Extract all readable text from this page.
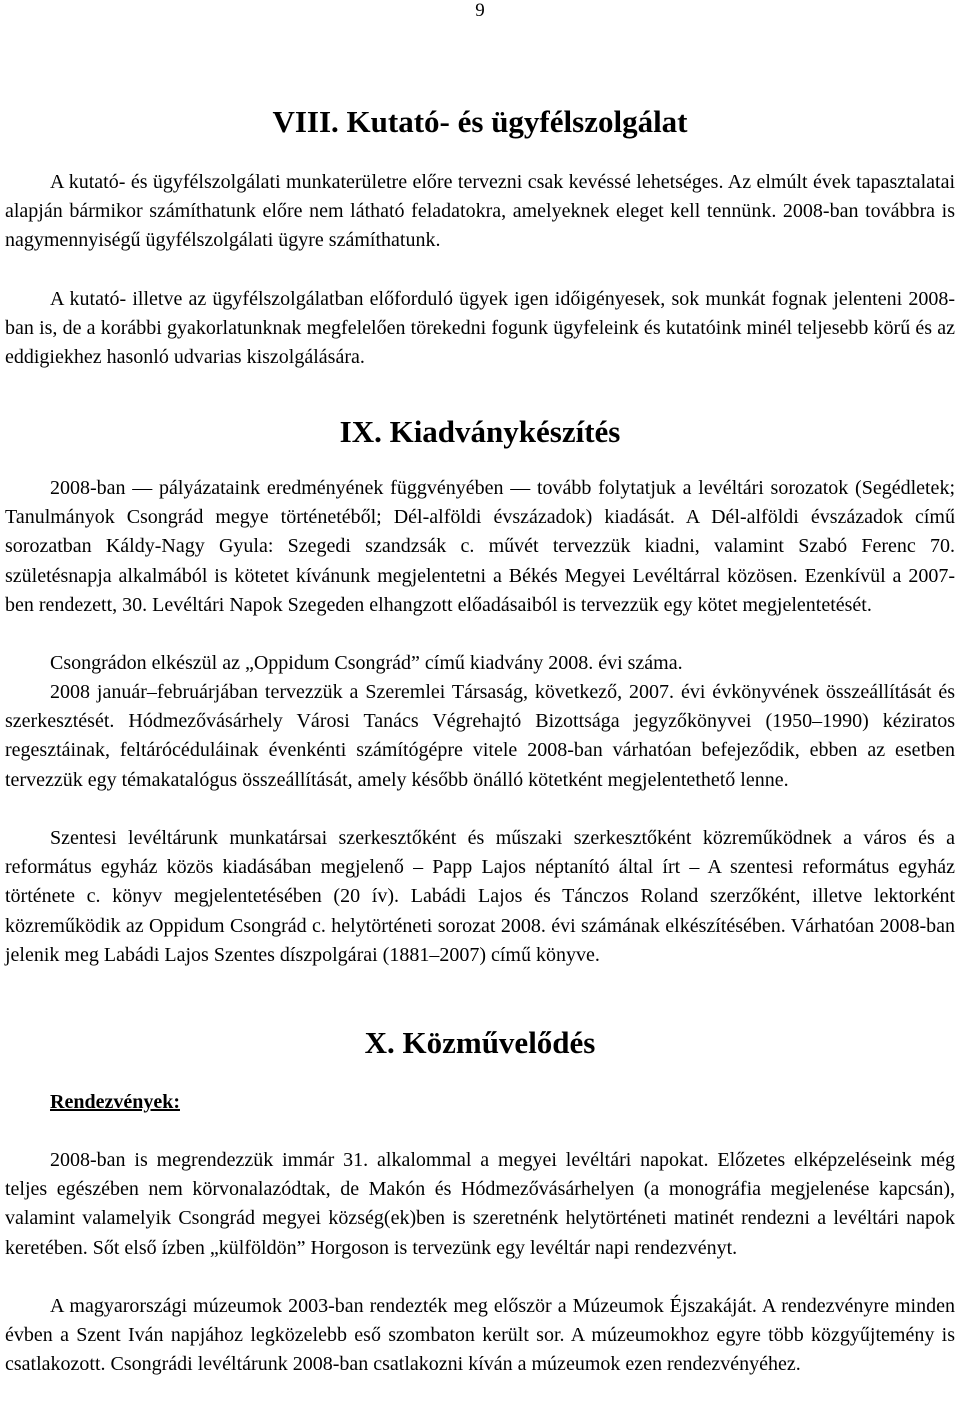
9
VIII. Kutató- és ügyfélszolgálat
A kutató- és ügyfélszolgálati munkaterületre előre tervezni csak kevéssé lehetséges. Az elmúlt évek tapasztalatai alapján bármikor számíthatunk előre nem látható feladatokra, amelyeknek eleget kell tennünk. 2008-ban továbbra is nagymennyiségű ügyfélszolgálati ügyre számíthatunk.
A kutató- illetve az ügyfélszolgálatban előforduló ügyek igen időigényesek, sok munkát fognak jelenteni 2008-ban is, de a korábbi gyakorlatunknak megfelelően törekedni fogunk ügyfeleink és kutatóink minél teljesebb körű és az eddigiekhez hasonló udvarias kiszolgálására.
IX. Kiadványkészítés
2008-ban — pályázataink eredményének függvényében — tovább folytatjuk a levéltári sorozatok (Segédletek; Tanulmányok Csongrád megye történetéből; Dél-alföldi évszázadok) kiadását. A Dél-alföldi évszázadok című sorozatban Káldy-Nagy Gyula: Szegedi szandzsák c. művét tervezzük kiadni, valamint Szabó Ferenc 70. születésnapja alkalmából is kötetet kívánunk megjelentetni a Békés Megyei Levéltárral közösen. Ezenkívül a 2007-ben rendezett, 30. Levéltári Napok Szegeden elhangzott előadásaiból is tervezzük egy kötet megjelentetését.
Csongrádon elkészül az „Oppidum Csongrád” című kiadvány 2008. évi száma.
2008 január–februárjában tervezzük a Szeremlei Társaság, következő, 2007. évi évkönyvének összeállítását és szerkesztését. Hódmezővásárhely Városi Tanács Végrehajtó Bizottsága jegyzőkönyvei (1950–1990) kéziratos regesztáinak, feltárócéduláinak évenkénti számítógépre vitele 2008-ban várhatóan befejeződik, ebben az esetben tervezzük egy témakatalógus összeállítását, amely később önálló kötetként megjelentethető lenne.
Szentesi levéltárunk munkatársai szerkesztőként és műszaki szerkesztőként közreműködnek a város és a református egyház közös kiadásában megjelenő – Papp Lajos néptanító által írt – A szentesi református egyház története c. könyv megjelentetésében (20 ív). Labádi Lajos és Tánczos Roland szerzőként, illetve lektorként közreműködik az Oppidum Csongrád c. helytörténeti sorozat 2008. évi számának elkészítésében. Várhatóan 2008-ban jelenik meg Labádi Lajos Szentes díszpolgárai (1881–2007) című könyve.
X. Közművelődés
Rendezvények:
2008-ban is megrendezzük immár 31. alkalommal a megyei levéltári napokat. Előzetes elképzeléseink még teljes egészében nem körvonalazódtak, de Makón és Hódmezővásárhelyen (a monográfia megjelenése kapcsán), valamint valamelyik Csongrád megyei község(ek)ben is szeretnénk helytörténeti matinét rendezni a levéltári napok keretében. Sőt első ízben „külföldön” Horgoson is tervezünk egy levéltár napi rendezvényt.
A magyarországi múzeumok 2003-ban rendezték meg először a Múzeumok Éjszakáját. A rendezvényre minden évben a Szent Iván napjához legközelebb eső szombaton került sor. A múzeumokhoz egyre több közgyűjtemény is csatlakozott. Csongrádi levéltárunk 2008-ban csatlakozni kíván a múzeumok ezen rendezvényéhez.
